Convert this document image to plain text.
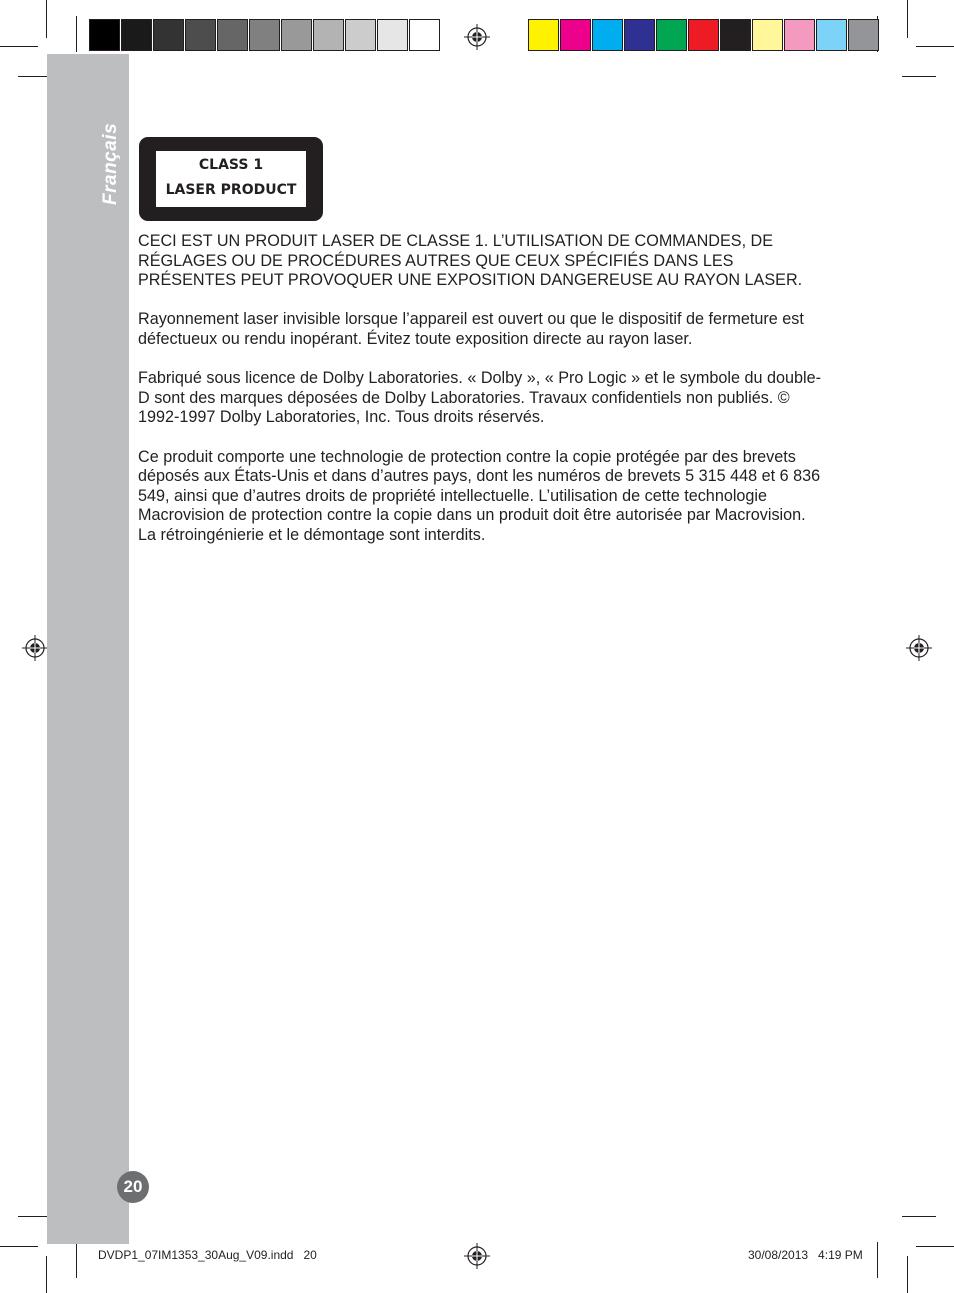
Français
20
CLASS 1
LASER PRODUCT

CECI EST UN PRODUIT LASER DE CLASSE 1. L’UTILISATION DE COMMANDES, DE RÉGLAGES OU DE PROCÉDURES AUTRES QUE CEUX SPÉCIFIÉS DANS LES PRÉSENTES PEUT PROVOQUER UNE EXPOSITION DANGEREUSE AU RAYON LASER.

Rayonnement laser invisible lorsque l’appareil est ouvert ou que le dispositif de fermeture est défectueux ou rendu inopérant. Évitez toute exposition directe au rayon laser.

Fabriqué sous licence de Dolby Laboratories. « Dolby », « Pro Logic » et le symbole du double-D sont des marques déposées de Dolby Laboratories. Travaux confidentiels non publiés. © 1992-1997 Dolby Laboratories, Inc. Tous droits réservés.

Ce produit comporte une technologie de protection contre la copie protégée par des brevets déposés aux États-Unis et dans d’autres pays, dont les numéros de brevets 5 315 448 et 6 836 549, ainsi que d’autres droits de propriété intellectuelle. L’utilisation de cette technologie Macrovision de protection contre la copie dans un produit doit être autorisée par Macrovision. La rétroingénierie et le démontage sont interdits.

DVDP1_07IM1353_30Aug_V09.indd   20	30/08/2013   4:19 PM
